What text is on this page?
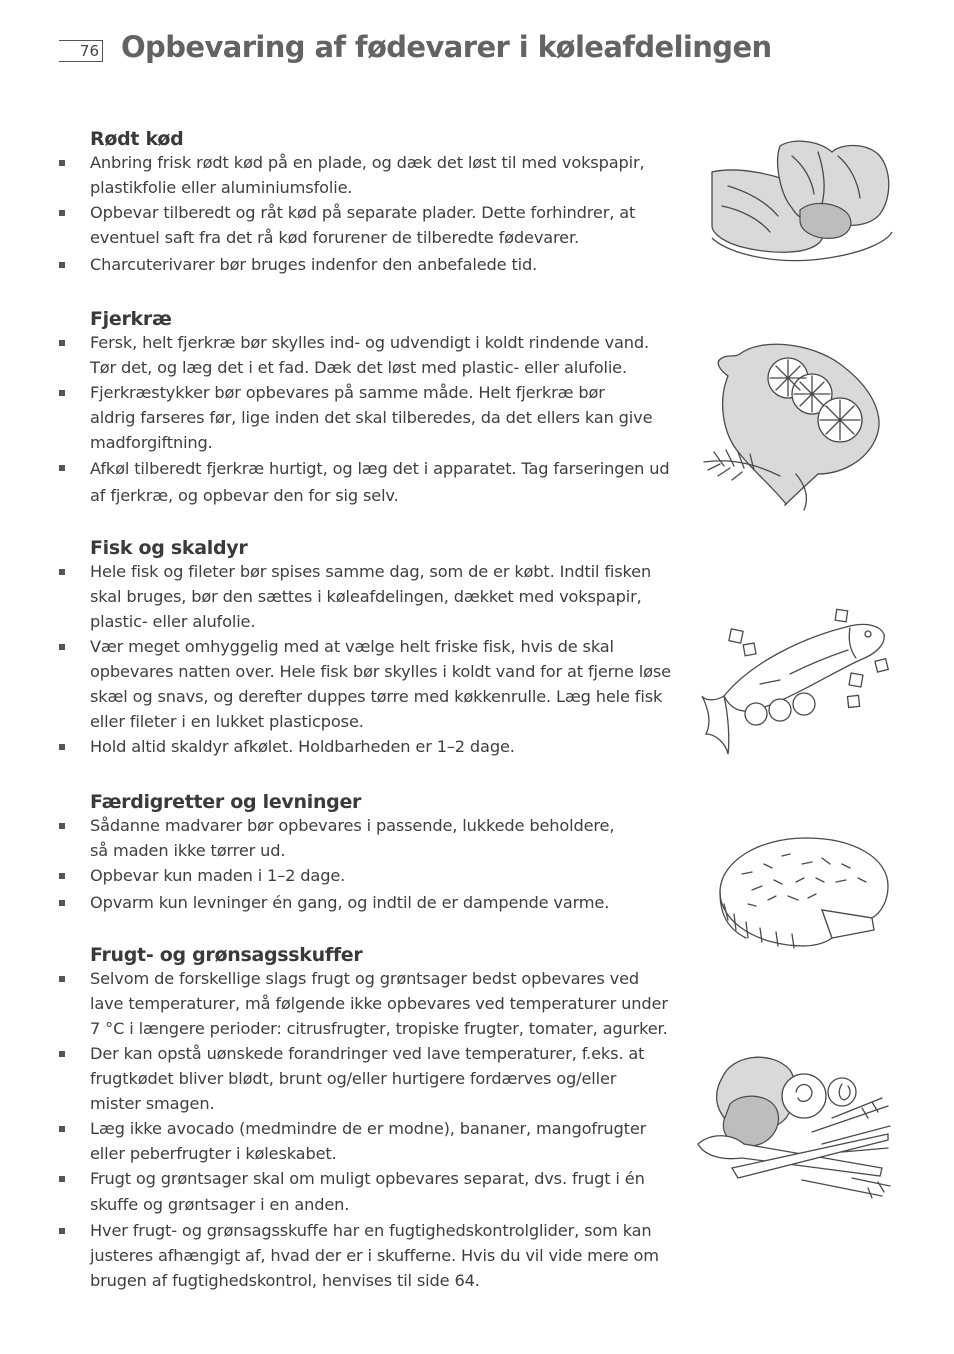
76 Opbevaring af fødevarer i køleafdelingen
Rødt kød
Anbring frisk rødt kød på en plade, og dæk det løst til med vokspapir,
plastikfolie eller aluminiumsfolie.
Opbevar tilberedt og råt kød på separate plader. Dette forhindrer, at
eventuel saft fra det rå kød forurener de tilberedte fødevarer.
Charcuterivarer bør bruges indenfor den anbefalede tid.
Fjerkræ
Fersk, helt fjerkræ bør skylles ind- og udvendigt i koldt rindende vand.
Tør det, og læg det i et fad. Dæk det løst med plastic- eller alufolie.
Fjerkræstykker bør opbevares på samme måde. Helt fjerkræ bør
aldrig farseres før, lige inden det skal tilberedes, da det ellers kan give
madforgiftning.
Afkøl tilberedt fjerkræ hurtigt, og læg det i apparatet. Tag farseringen ud
af fjerkræ, og opbevar den for sig selv.
Fisk og skaldyr
Hele fisk og fileter bør spises samme dag, som de er købt. Indtil fisken
skal bruges, bør den sættes i køleafdelingen, dækket med vokspapir,
plastic- eller alufolie.
Vær meget omhyggelig med at vælge helt friske fisk, hvis de skal
opbevares natten over. Hele fisk bør skylles i koldt vand for at fjerne løse
skæl og snavs, og derefter duppes tørre med køkkenrulle. Læg hele fisk
eller fileter i en lukket plasticpose.
Hold altid skaldyr afkølet. Holdbarheden er 1–2 dage.
Færdigretter og levninger
Sådanne madvarer bør opbevares i passende, lukkede beholdere,
så maden ikke tørrer ud.
Opbevar kun maden i 1–2 dage.
Opvarm kun levninger én gang, og indtil de er dampende varme.
Frugt- og grønsagsskuffer
Selvom de forskellige slags frugt og grøntsager bedst opbevares ved
lave temperaturer, må følgende ikke opbevares ved temperaturer under
7 °C i længere perioder: citrusfrugter, tropiske frugter, tomater, agurker.
Der kan opstå uønskede forandringer ved lave temperaturer, f.eks. at
frugtkødet bliver blødt, brunt og/eller hurtigere fordærves og/eller
mister smagen.
Læg ikke avocado (medmindre de er modne), bananer, mangofrugter
eller peberfrugter i køleskabet.
Frugt og grøntsager skal om muligt opbevares separat, dvs. frugt i én
skuffe og grøntsager i en anden.
Hver frugt- og grønsagsskuffe har en fugtighedskontrolglider, som kan
justeres afhængigt af, hvad der er i skufferne. Hvis du vil vide mere om
brugen af fugtighedskontrol, henvises til side 64.
